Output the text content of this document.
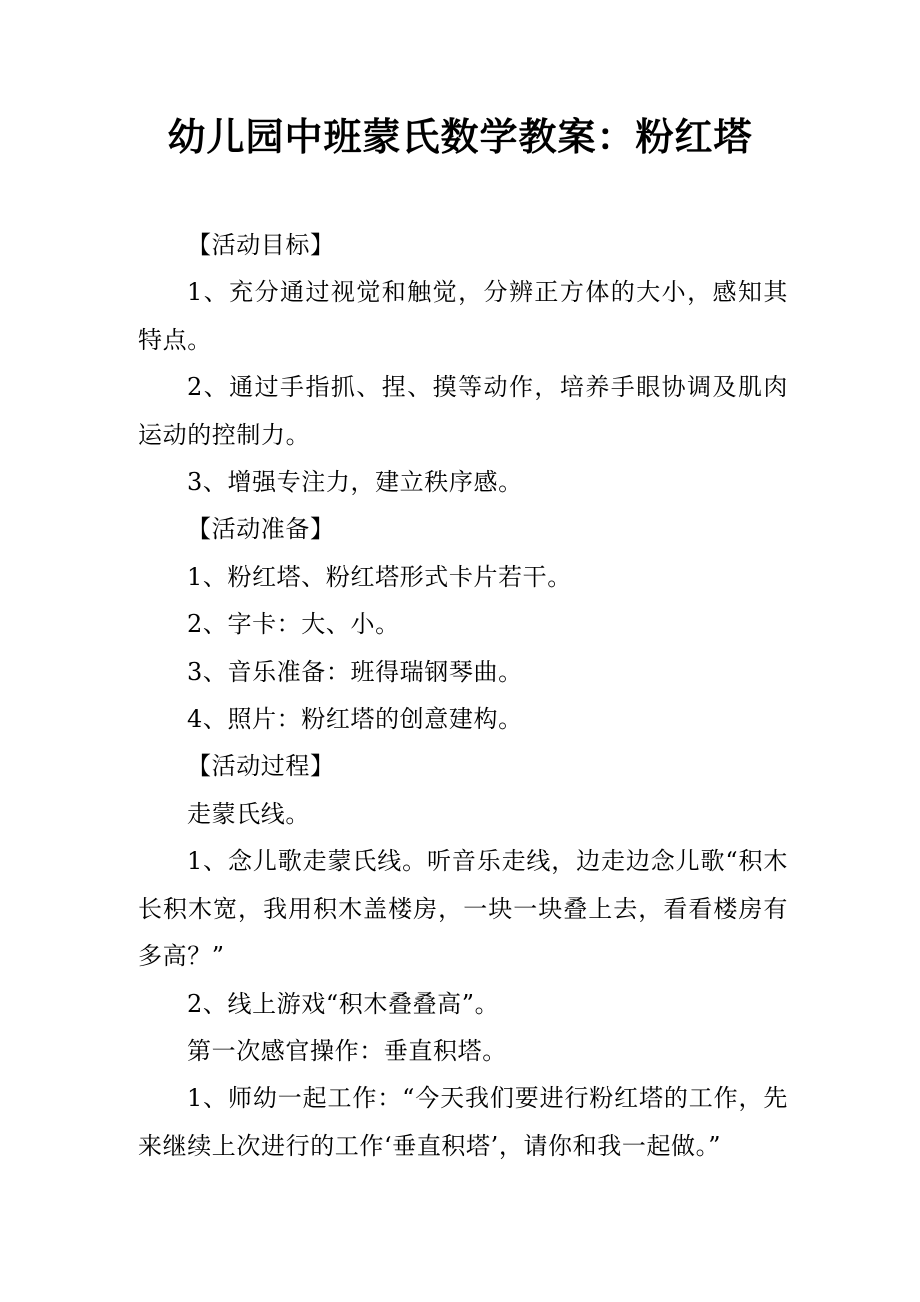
幼儿园中班蒙氏数学教案：粉红塔

【活动目标】

1、充分通过视觉和触觉，分辨正方体的大小，感知其特点。

2、通过手指抓、捏、摸等动作，培养手眼协调及肌肉运动的控制力。

3、增强专注力，建立秩序感。

【活动准备】

1、粉红塔、粉红塔形式卡片若干。

2、字卡：大、小。

3、音乐准备：班得瑞钢琴曲。

4、照片：粉红塔的创意建构。

【活动过程】

走蒙氏线。

1、念儿歌走蒙氏线。听音乐走线，边走边念儿歌“积木长积木宽，我用积木盖楼房，一块一块叠上去，看看楼房有多高？”

2、线上游戏“积木叠叠高”。

第一次感官操作：垂直积塔。

1、师幼一起工作：“今天我们要进行粉红塔的工作，先来继续上次进行的工作‘垂直积塔’，请你和我一起做。”
